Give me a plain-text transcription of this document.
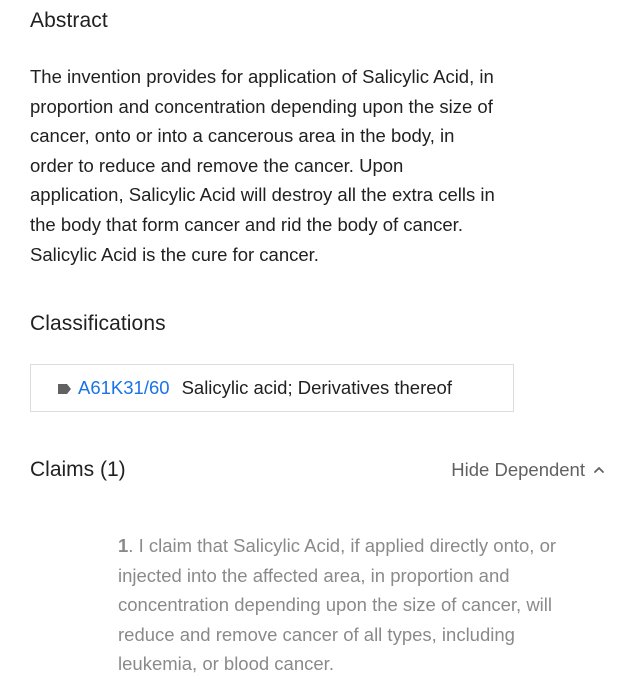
Abstract

The invention provides for application of Salicylic Acid, in proportion and concentration depending upon the size of cancer, onto or into a cancerous area in the body, in order to reduce and remove the cancer. Upon application, Salicylic Acid will destroy all the extra cells in the body that form cancer and rid the body of cancer. Salicylic Acid is the cure for cancer.

Classifications
A61K31/60 Salicylic acid; Derivatives thereof
Claims (1)	Hide Dependent

1. I claim that Salicylic Acid, if applied directly onto, or injected into the affected area, in proportion and concentration depending upon the size of cancer, will reduce and remove cancer of all types, including leukemia, or blood cancer.
